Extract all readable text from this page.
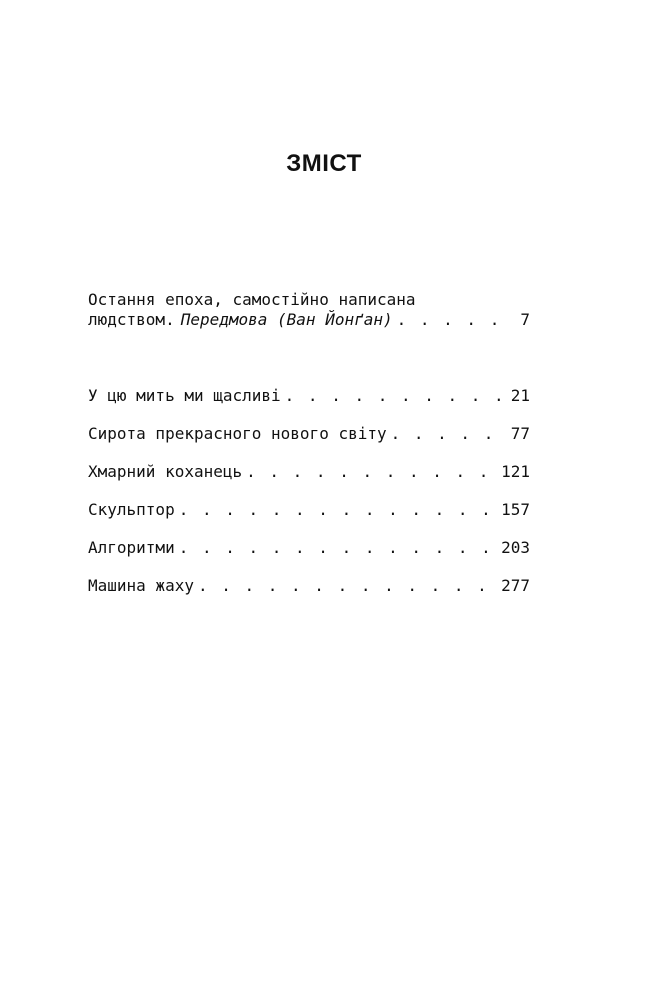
ЗМІСТ
Остання епоха, самостійно написана
людством. Передмова (Ван Йонґан) . . .	7
У цю мить ми щасливі . . .	21
Сирота прекрасного нового світу . . .	77
Хмарний коханець . . .	121
Скульптор . . .	157
Алгоритми . . .	203
Машина жаху . . .	277
